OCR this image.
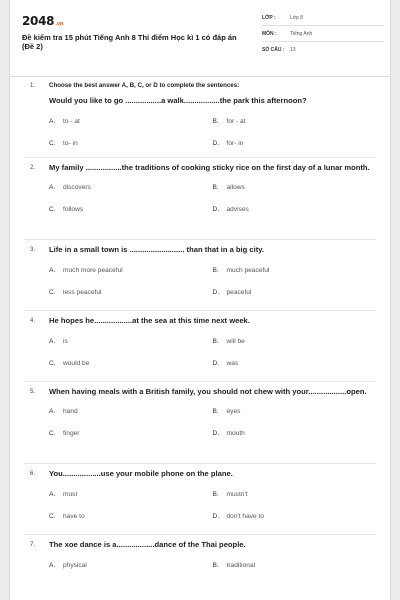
2048.vn
Đề kiểm tra 15 phút Tiếng Anh 8 Thí điểm Học kì 1 có đáp án (Đề 2)
LỚP :	Lớp 8
MÔN :	Tiếng Anh
SỐ CÂU :	13
1. Choose the best answer A, B, C, or D to complete the sentences:
Would you like to go .................a walk.................the park this afternoon?
A.	to - at	B.	for - at
C.	to- in	D.	for- in
2. My family .................the traditions of cooking sticky rice on the first day of a lunar month.
A.	discovers	B.	allows
C.	follows	D.	advises
3. Life in a small town is .......................... than that in a big city.
A.	much more peaceful	B.	much peaceful
C.	less peaceful	D.	peaceful
4. He hopes he..................at the sea at this time next week.
A.	is	B.	will be
C.	would be	D.	was
5. When having meals with a British family, you should not chew with your..................open.
A.	hand	B.	eyes
C.	finger	D.	mouth
6. You..................use your mobile phone on the plane.
A.	must	B.	mustn't
C.	have to	D.	don't have to
7. The xoe dance is a..................dance of the Thai people.
A.	physical	B.	traditional
